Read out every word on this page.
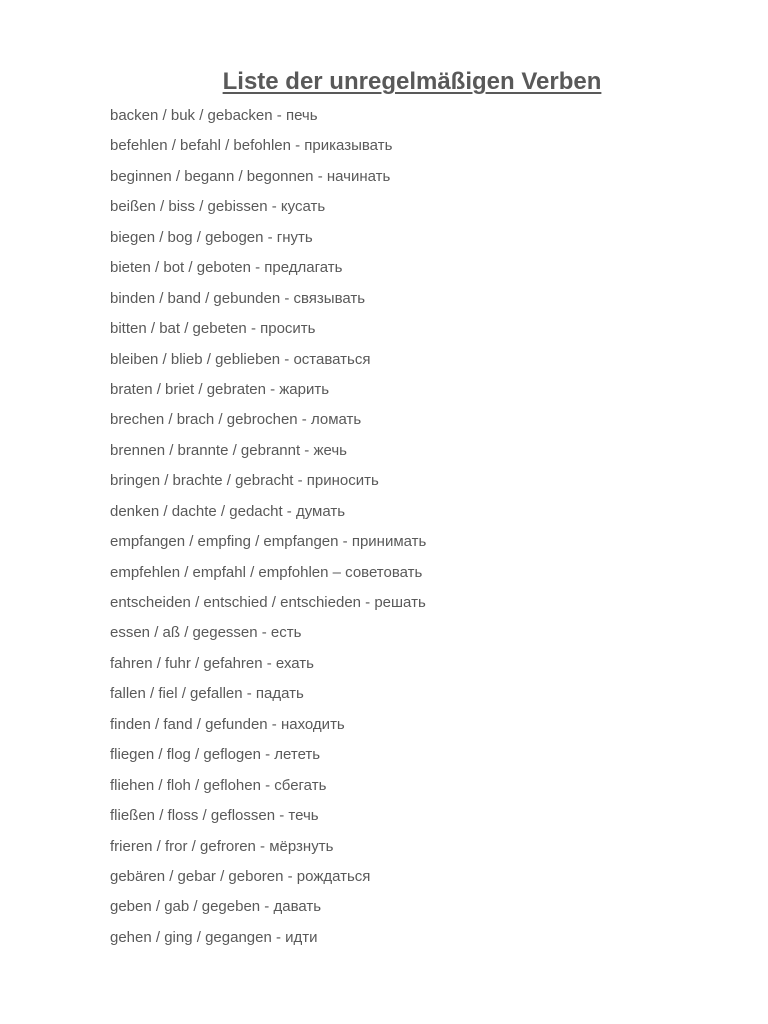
Liste der unregelmäßigen Verben
backen / buk / gebacken - печь
befehlen / befahl / befohlen - приказывать
beginnen / begann / begonnen - начинать
beißen / biss / gebissen - кусать
biegen / bog / gebogen - гнуть
bieten / bot / geboten - предлагать
binden / band / gebunden - связывать
bitten / bat / gebeten - просить
bleiben / blieb / geblieben - оставаться
braten / briet / gebraten - жарить
brechen / brach / gebrochen - ломать
brennen / brannte / gebrannt - жечь
bringen / brachte / gebracht - приносить
denken / dachte / gedacht - думать
empfangen / empfing / empfangen - принимать
empfehlen / empfahl / empfohlen – советовать
entscheiden / entschied / entschieden - решать
essen / aß / gegessen - есть
fahren / fuhr / gefahren - ехать
fallen / fiel / gefallen - падать
finden / fand / gefunden - находить
fliegen / flog / geflogen - лететь
fliehen / floh / geflohen - сбегать
fließen / floss / geflossen - течь
frieren / fror / gefroren - мёрзнуть
gebären / gebar / geboren - рождаться
geben / gab / gegeben - давать
gehen / ging / gegangen - идти
